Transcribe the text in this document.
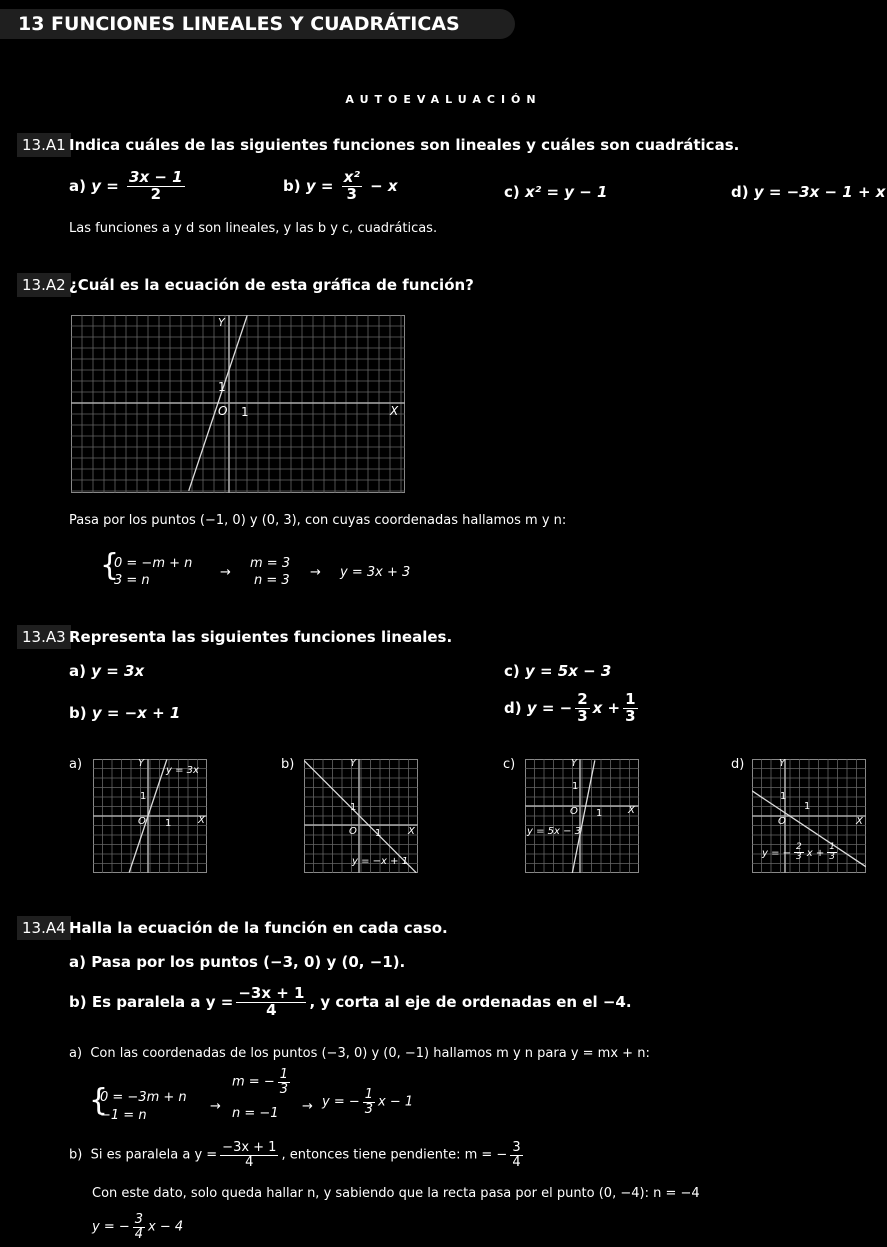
13 FUNCIONES LINEALES Y CUADRÁTICAS
AUTOEVALUACIÓN
13.A1 Indica cuáles de las siguientes funciones son lineales y cuáles son cuadráticas.
a) $y = \frac{3x - 1}{2}$	b) $y = \frac{\text{x²}}{3} - x$	c) x² = y − 1	d) y = −3x − 1 + x
Las funciones a y d son lineales, y las b y c, cuadráticas.
13.A2 ¿Cuál es la ecuación de esta gráfica de función?
Y
X
O 1
1
Pasa por los puntos (−1, 0) y (0, 3), con cuyas coordenadas hallamos m y n:
{
0 = −m + n
3 = n
→
m = 3
n = 3
→ y = 3x + 3
13.A3 Representa las siguientes funciones lineales.
a) y = 3x
b) y = −x + 1
c) y = 5x − 3
d) y = − $\frac{2}{3}$ $x + \frac{1}{3}$
a)	Y
X
O 1
1
y = 3x	b)	Y
X
O 1
1
y = −x + 1
c)	Y
X
O 1
1
y = 5x − 3
d)	Y
X
O
1
1
y = − $\frac{2}{3}$ $x + \frac{1}{3}$
13.A4 Halla la ecuación de la función en cada caso.
a) Pasa por los puntos (−3, 0) y (0, −1).
b) Es paralela a $y = \frac{-3x + 1}{4}$ , y corta al eje de ordenadas en el −4.
a) Con las coordenadas de los puntos (−3, 0) y (0, −1) hallamos m y n para y = mx + n:
{
0 = −3m + n
−1 = n
→
m = − $\frac{1}{3}$
n = −1 → y = − $\frac{1}{3}$ x − 1
b) Si es paralela a $y = \frac{-3x + 1}{4}$ , entonces tiene pendiente: m = − $\frac{3}{4}$
Con este dato, solo queda hallar n, y sabiendo que la recta pasa por el punto (0, −4): n = −4
y = − $\frac{3}{4}$ x − 4
